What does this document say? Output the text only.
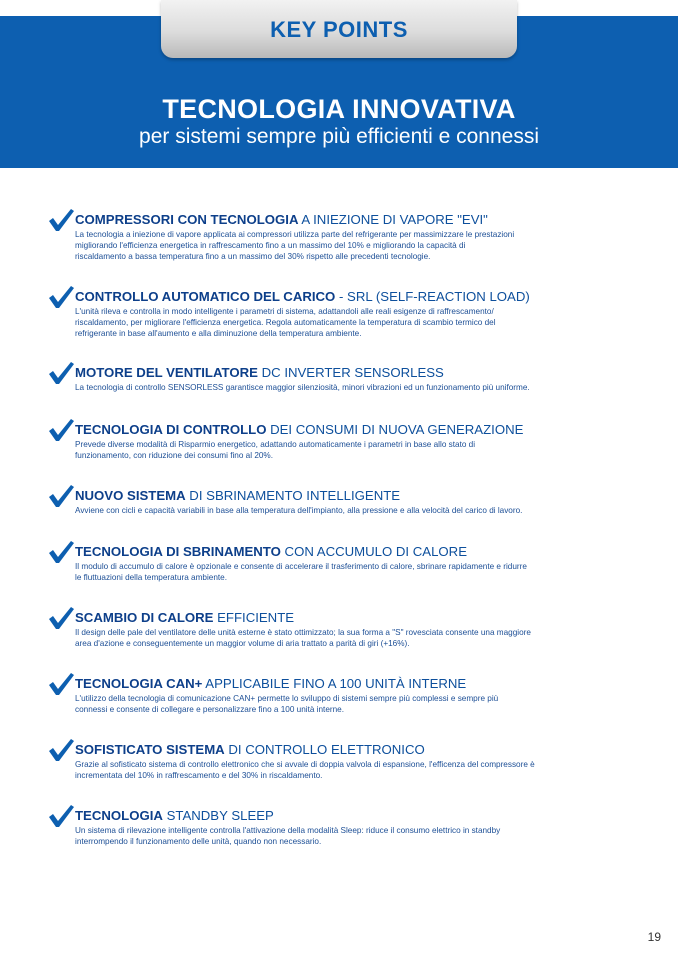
TECNOLOGIA INNOVATIVA
per sistemi sempre più efficienti e connessi
KEY POINTS
COMPRESSORI CON TECNOLOGIA A INIEZIONE DI VAPORE "EVI"
La tecnologia a iniezione di vapore applicata ai compressori utilizza parte del refrigerante per massimizzare le prestazioni
migliorando l'efficienza energetica in raffrescamento fino a un massimo del 10% e migliorando la capacità di
riscaldamento a bassa temperatura fino a un massimo del 30% rispetto alle precedenti tecnologie.
CONTROLLO AUTOMATICO DEL CARICO - SRL (SELF-REACTION LOAD)
L'unità rileva e controlla in modo intelligente i parametri di sistema, adattandoli alle reali esigenze di raffrescamento/
riscaldamento, per migliorare l'efficienza energetica. Regola automaticamente la temperatura di scambio termico del
refrigerante in base all'aumento e alla diminuzione della temperatura ambiente.
MOTORE DEL VENTILATORE DC INVERTER SENSORLESS
La tecnologia di controllo SENSORLESS garantisce maggior silenziosità, minori vibrazioni ed un funzionamento più uniforme.
TECNOLOGIA DI CONTROLLO DEI CONSUMI DI NUOVA GENERAZIONE
Prevede diverse modalità di Risparmio energetico, adattando automaticamente i parametri in base allo stato di
funzionamento, con riduzione dei consumi fino al 20%.
NUOVO SISTEMA DI SBRINAMENTO INTELLIGENTE
Avviene con cicli e capacità variabili in base alla temperatura dell'impianto, alla pressione e alla velocità del carico di lavoro.
TECNOLOGIA DI SBRINAMENTO CON ACCUMULO DI CALORE
Il modulo di accumulo di calore è opzionale e consente di accelerare il trasferimento di calore, sbrinare rapidamente e ridurre
le fluttuazioni della temperatura ambiente.
SCAMBIO DI CALORE EFFICIENTE
Il design delle pale del ventilatore delle unità esterne è stato ottimizzato; la sua forma a "S" rovesciata consente una maggiore
area d'azione e conseguentemente un maggior volume di aria trattato a parità di giri (+16%).
TECNOLOGIA CAN+ APPLICABILE FINO A 100 UNITÀ INTERNE
L'utilizzo della tecnologia di comunicazione CAN+ permette lo sviluppo di sistemi sempre più complessi e sempre più
connessi e consente di collegare e personalizzare fino a 100 unità interne.
SOFISTICATO SISTEMA DI CONTROLLO ELETTRONICO
Grazie al sofisticato sistema di controllo elettronico che si avvale di doppia valvola di espansione, l'efficenza del compressore è
incrementata del 10% in raffrescamento e del 30% in riscaldamento.
TECNOLOGIA STANDBY SLEEP
Un sistema di rilevazione intelligente controlla l'attivazione della modalità Sleep: riduce il consumo elettrico in standby
interrompendo il funzionamento delle unità, quando non necessario.
19
